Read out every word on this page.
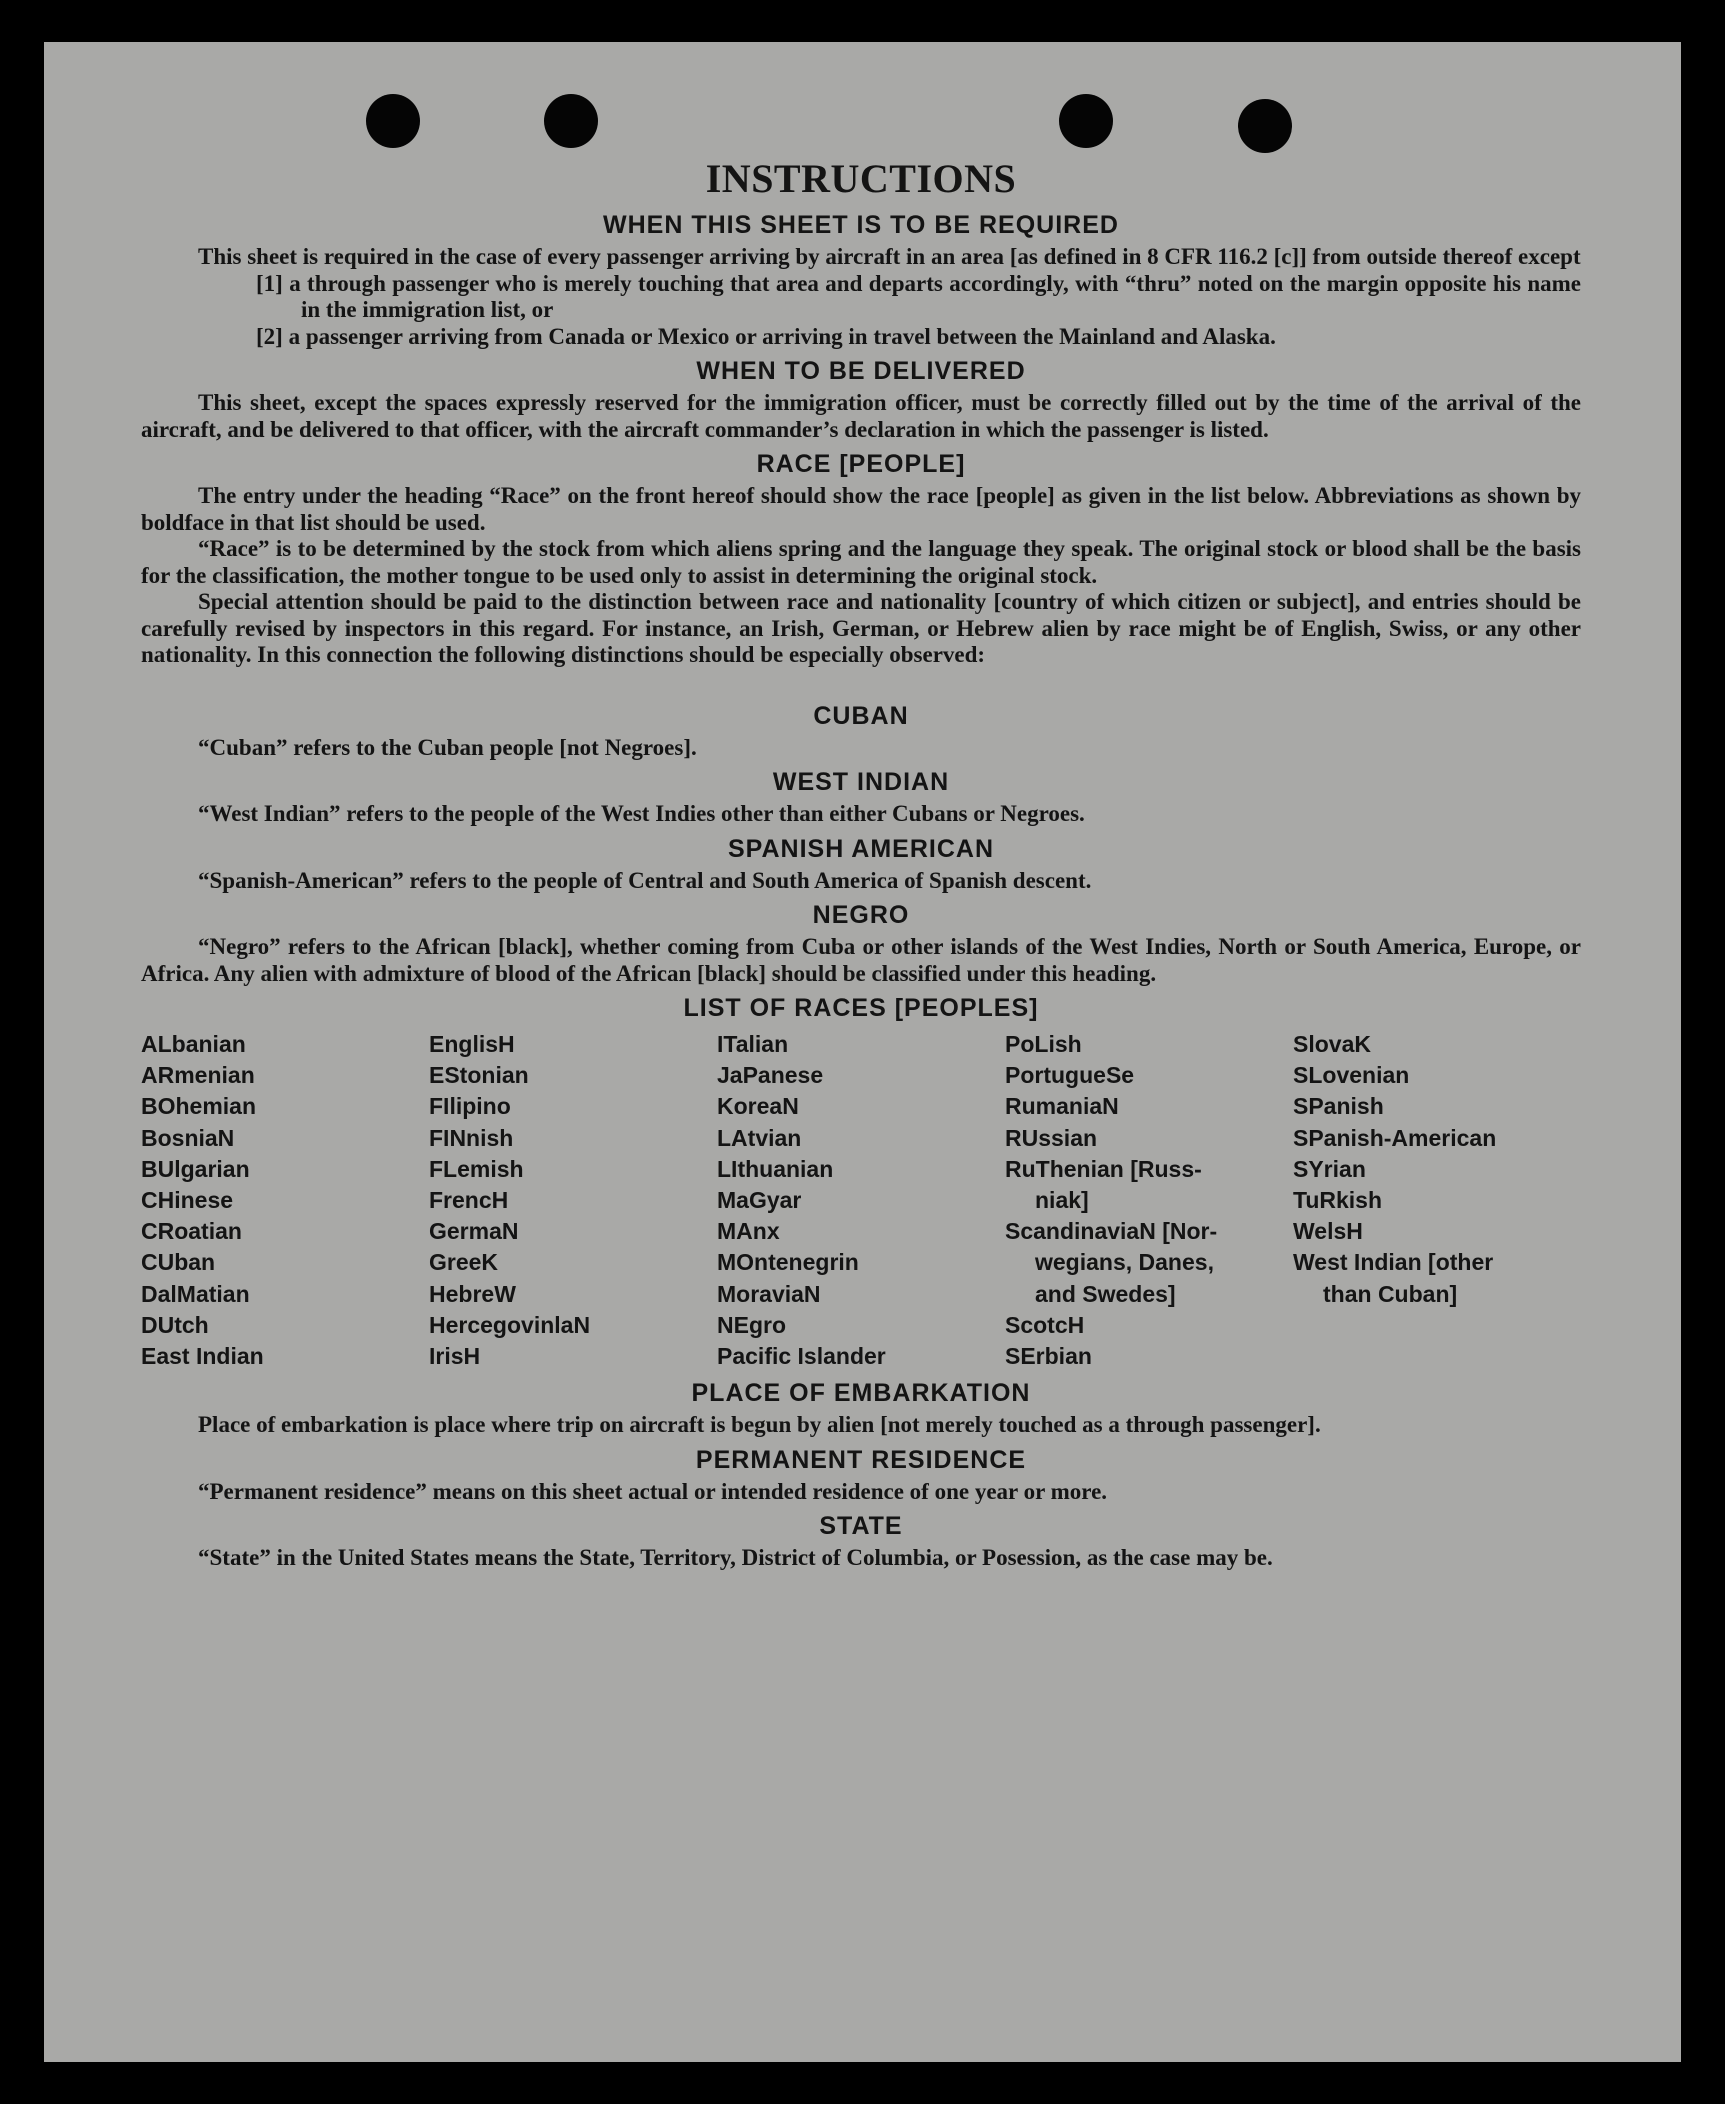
INSTRUCTIONS
WHEN THIS SHEET IS TO BE REQUIRED

This sheet is required in the case of every passenger arriving by aircraft in an area [as defined in 8 CFR 116.2 [c]] from outside thereof except

[1] a through passenger who is merely touching that area and departs accordingly, with “thru” noted on the margin opposite his name in the immigration list, or

[2] a passenger arriving from Canada or Mexico or arriving in travel between the Mainland and Alaska.

WHEN TO BE DELIVERED

This sheet, except the spaces expressly reserved for the immigration officer, must be correctly filled out by the time of the arrival of the aircraft, and be delivered to that officer, with the aircraft commander’s declaration in which the passenger is listed.

RACE [PEOPLE]

The entry under the heading “Race” on the front hereof should show the race [people] as given in the list below. Abbreviations as shown by boldface in that list should be used.

“Race” is to be determined by the stock from which aliens spring and the language they speak. The original stock or blood shall be the basis for the classification, the mother tongue to be used only to assist in determining the original stock.

Special attention should be paid to the distinction between race and nationality [country of which citizen or subject], and entries should be carefully revised by inspectors in this regard. For instance, an Irish, German, or Hebrew alien by race might be of English, Swiss, or any other nationality. In this connection the following distinctions should be especially observed:

CUBAN

“Cuban” refers to the Cuban people [not Negroes].

WEST INDIAN

“West Indian” refers to the people of the West Indies other than either Cubans or Negroes.

SPANISH AMERICAN

“Spanish-American” refers to the people of Central and South America of Spanish descent.

NEGRO

“Negro” refers to the African [black], whether coming from Cuba or other islands of the West Indies, North or South America, Europe, or Africa. Any alien with admixture of blood of the African [black] should be classified under this heading.

LIST OF RACES [PEOPLES]
ALbanian
ARmenian
BOhemian
BosniaN
BUlgarian
CHinese
CRoatian
CUban
DalMatian
DUtch
East Indian
EnglisH
EStonian
FIlipino
FINnish
FLemish
FrencH
GermaN
GreeK
HebreW
HercegovinlaN
IrisH
ITalian
JaPanese
KoreaN
LAtvian
LIthuanian
MaGyar
MAnx
MOntenegrin
MoraviaN
NEgro
Pacific Islander
PoLish
PortugueSe
RumaniaN
RUssian
RuThenian [Russ-
niak]
ScandinaviaN [Nor-
wegians, Danes,
and Swedes]
ScotcH
SErbian
SlovaK
SLovenian
SPanish
SPanish-American
SYrian
TuRkish
WelsH
West Indian [other
than Cuban]
PLACE OF EMBARKATION

Place of embarkation is place where trip on aircraft is begun by alien [not merely touched as a through passenger].

PERMANENT RESIDENCE

“Permanent residence” means on this sheet actual or intended residence of one year or more.

STATE

“State” in the United States means the State, Territory, District of Columbia, or Posession, as the case may be.
